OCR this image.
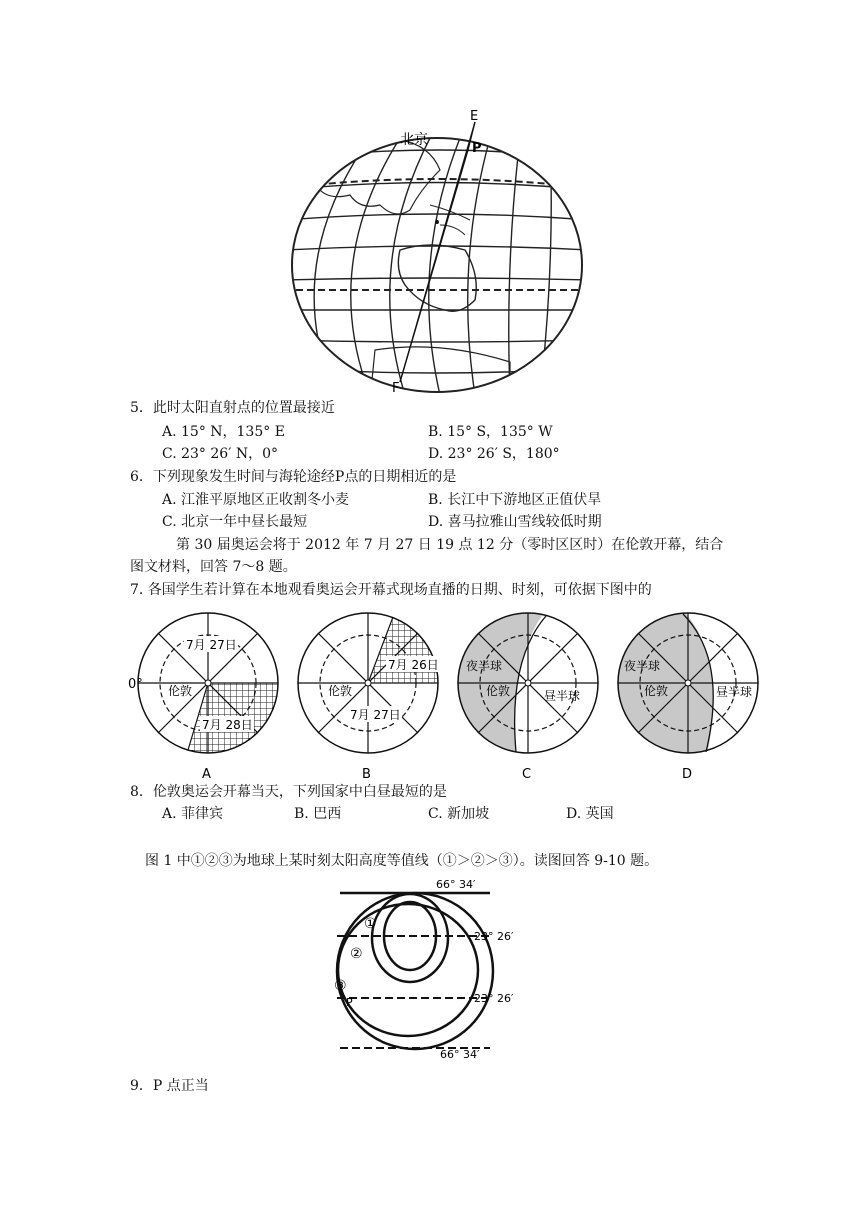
北京
E
P
F
5．此时太阳直射点的位置最接近
A. 15° N，135° E	B. 15° S，135° W
C. 23° 26′ N，0°	D. 23° 26′ S，180°
6．下列现象发生时间与海轮途经P点的日期相近的是
A. 江淮平原地区正收割冬小麦	B. 长江中下游地区正值伏旱
C. 北京一年中昼长最短	D. 喜马拉雅山雪线较低时期
第 30 届奥运会将于 2012 年 7 月 27 日 19 点 12 分（零时区区时）在伦敦开幕，结合
图文材料，回答 7～8 题。
7. 各国学生若计算在本地观看奥运会开幕式现场直播的日期、时刻，可依据下图中的
7月 27日
7月 28日
伦敦
0°
A
7月 26日
7月 27日
伦敦
B
夜半球
昼半球
伦敦
C
夜半球
昼半球
伦敦
D
8．伦敦奥运会开幕当天，下列国家中白昼最短的是
A. 菲律宾	B. 巴西	C. 新加坡	D. 英国
图 1 中①②③为地球上某时刻太阳高度等值线（①＞②＞③）。读图回答 9-10 题。
66° 34′
23° 26′
23° 26′
66° 34′
①
②
③
P
9．P 点正当
